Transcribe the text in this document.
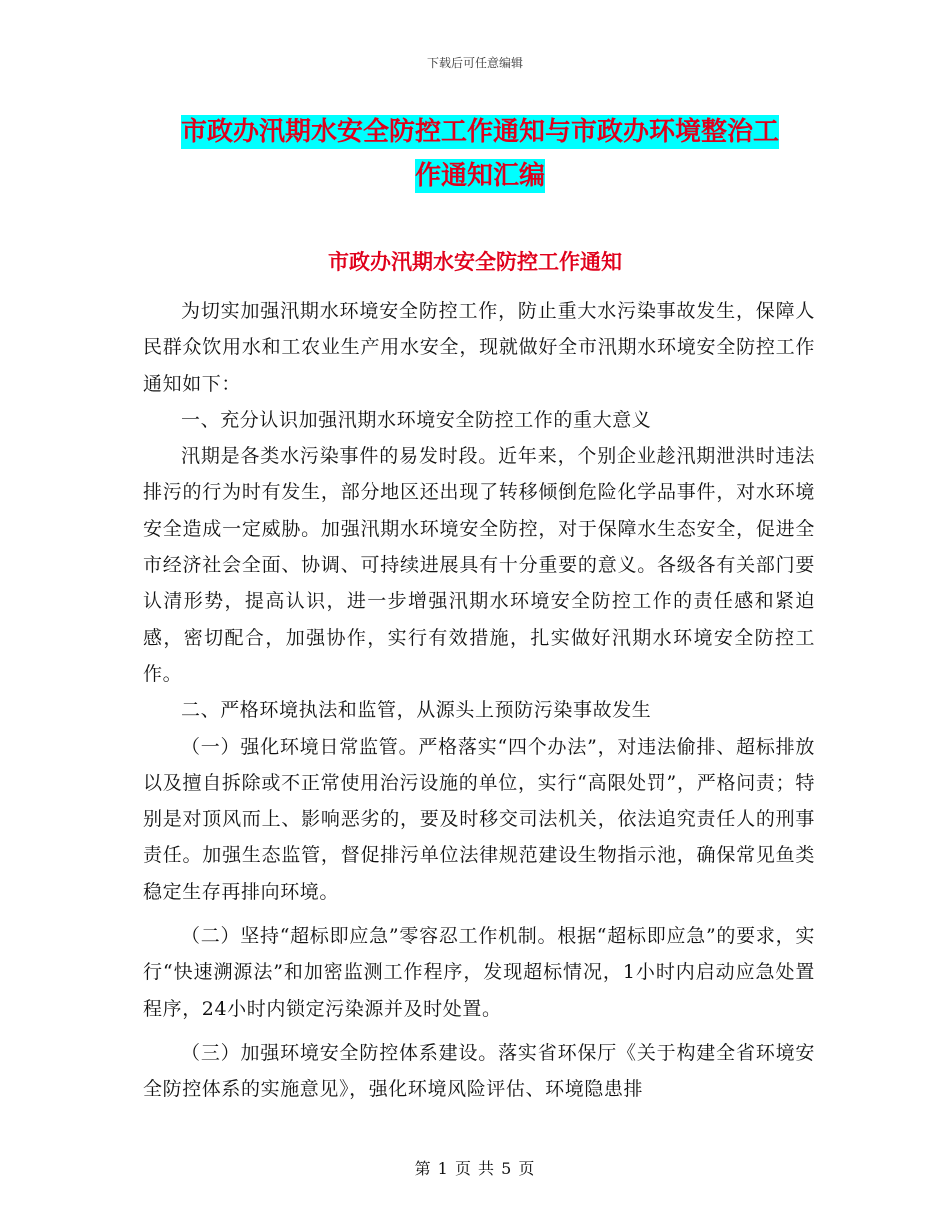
下载后可任意编辑
市政办汛期水安全防控工作通知与市政办环境整治工
作通知汇编
市政办汛期水安全防控工作通知

为切实加强汛期水环境安全防控工作，防止重大水污染事故发生，保障人民群众饮用水和工农业生产用水安全，现就做好全市汛期水环境安全防控工作通知如下：

一、充分认识加强汛期水环境安全防控工作的重大意义

汛期是各类水污染事件的易发时段。近年来，个别企业趁汛期泄洪时违法排污的行为时有发生，部分地区还出现了转移倾倒危险化学品事件，对水环境安全造成一定威胁。加强汛期水环境安全防控，对于保障水生态安全，促进全市经济社会全面、协调、可持续进展具有十分重要的意义。各级各有关部门要认清形势，提高认识，进一步增强汛期水环境安全防控工作的责任感和紧迫感，密切配合，加强协作，实行有效措施，扎实做好汛期水环境安全防控工作。

二、严格环境执法和监管，从源头上预防污染事故发生

（一）强化环境日常监管。严格落实“四个办法”，对违法偷排、超标排放以及擅自拆除或不正常使用治污设施的单位，实行“高限处罚”，严格问责；特别是对顶风而上、影响恶劣的，要及时移交司法机关，依法追究责任人的刑事责任。加强生态监管，督促排污单位法律规范建设生物指示池，确保常见鱼类稳定生存再排向环境。

（二）坚持“超标即应急”零容忍工作机制。根据“超标即应急”的要求，实行“快速溯源法”和加密监测工作程序，发现超标情况，1小时内启动应急处置程序，24小时内锁定污染源并及时处置。

（三）加强环境安全防控体系建设。落实省环保厅《关于构建全省环境安全防控体系的实施意见》，强化环境风险评估、环境隐患排

第 1 页 共 5 页
